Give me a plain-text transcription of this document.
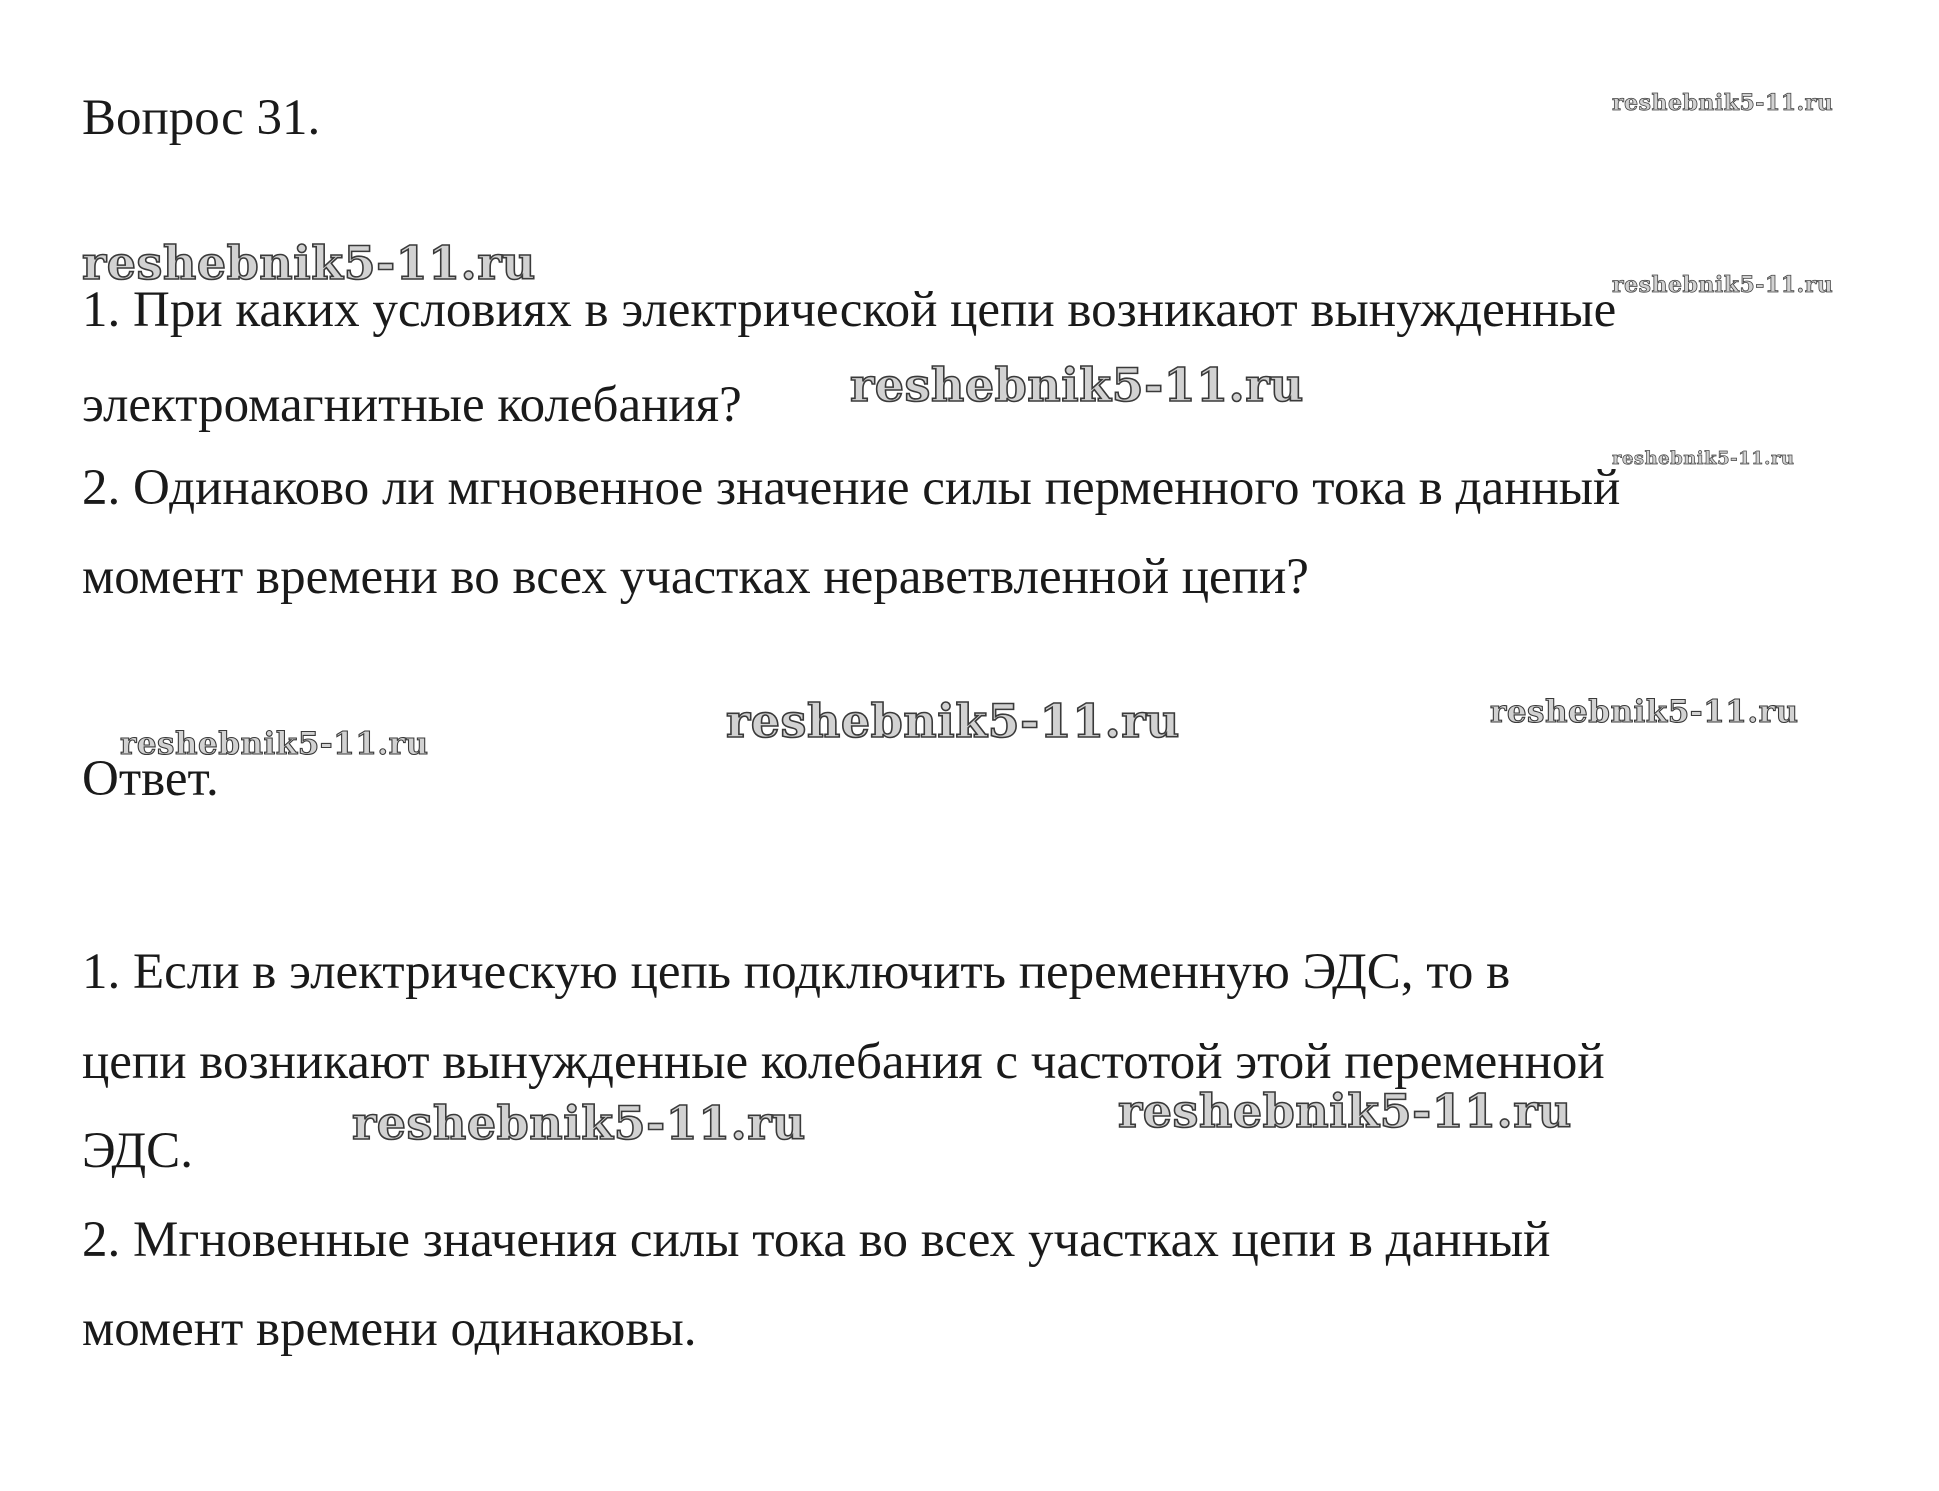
Вопрос 31.

1. При каких условиях в электрической цепи возникают вынужденные

электромагнитные колебания?

2. Одинаково ли мгновенное значение силы перменного тока в данный

момент времени во всех участках нераветвленной цепи?

Ответ.

1. Если в электрическую цепь подключить переменную ЭДС, то в

цепи возникают вынужденные колебания с частотой этой переменной

ЭДС.

2. Мгновенные значения силы тока во всех участках цепи в данный

момент времени одинаковы.

reshebnik5-11.ru
reshebnik5-11.ru	reshebnik5-11.ru
reshebnik5-11.ru
reshebnik5-11.ru
reshebnik5-11.ru	reshebnik5-11.ru
reshebnik5-11.ru
reshebnik5-11.ru	reshebnik5-11.ru
